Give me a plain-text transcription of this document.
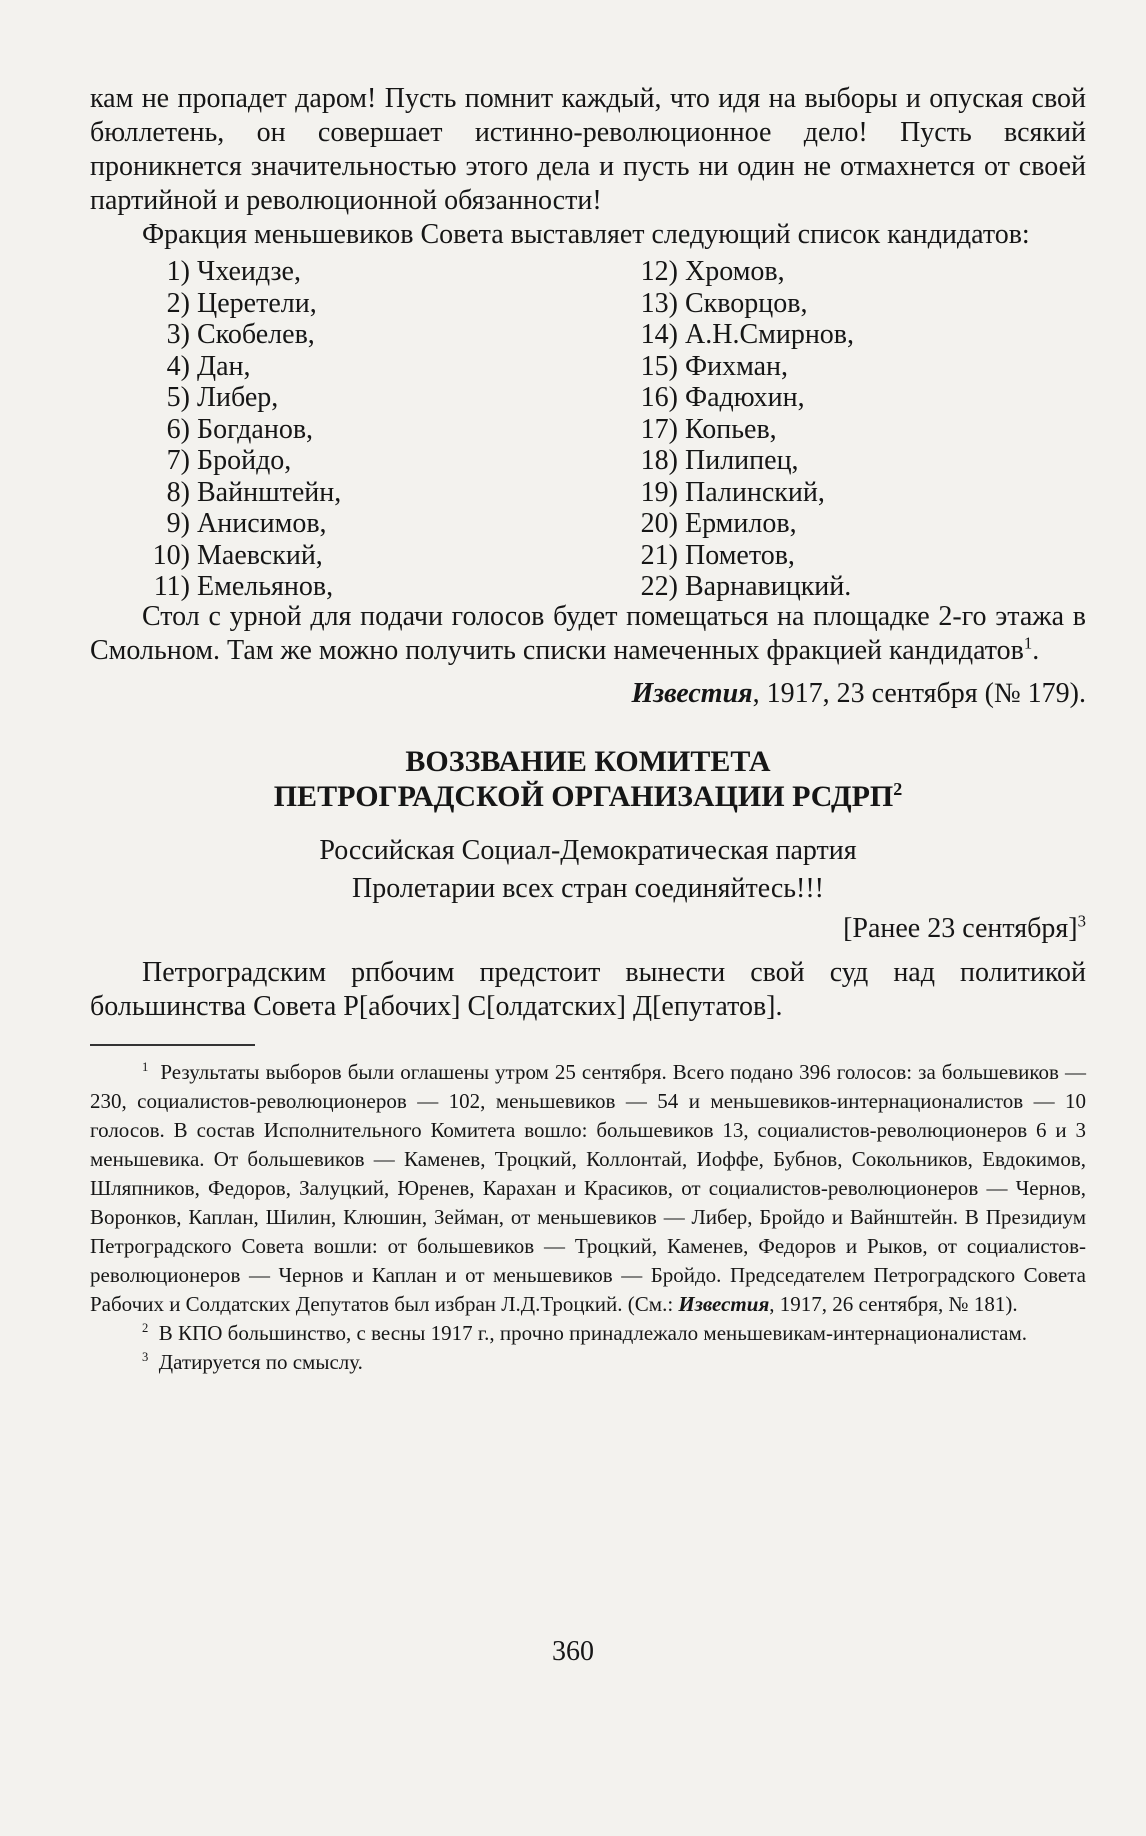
кам не пропадет даром! Пусть помнит каждый, что идя на выборы и опуская свой бюллетень, он совершает истинно-революционное дело! Пусть всякий проникнется значительностью этого дела и пусть ни один не отмахнется от своей партийной и революционной обязанности!

Фракция меньшевиков Совета выставляет следующий список кандидатов:

1) Чхеидзе,
2) Церетели,
3) Скобелев,
4) Дан,
5) Либер,
6) Богданов,
7) Бройдо,
8) Вайнштейн,
9) Анисимов,
10) Маевский,
11) Емельянов,
12) Хромов,
13) Скворцов,
14) А.Н.Смирнов,
15) Фихман,
16) Фадюхин,
17) Копьев,
18) Пилипец,
19) Палинский,
20) Ермилов,
21) Пометов,
22) Варнавицкий.

Стол с урной для подачи голосов будет помещаться на площадке 2-го этажа в Смольном. Там же можно получить списки намеченных фракцией кандидатов$^1$.

Известия, 1917, 23 сентября (№ 179).

ВОЗЗВАНИЕ КОМИТЕТА
ПЕТРОГРАДСКОЙ ОРГАНИЗАЦИИ РСДРП$^2$

Российская Социал-Демократическая партия

Пролетарии всех стран соединяйтесь!!!

[Ранее 23 сентября]$^3$

Петроградским рпбочим предстоит вынести свой суд над политикой большинства Совета Р[абочих] С[олдатских] Д[епутатов].

$^1$ Результаты выборов были оглашены утром 25 сентября. Всего подано 396 голосов: за большевиков — 230, социалистов-революционеров — 102, меньшевиков — 54 и меньшевиков-интернационалистов — 10 голосов. В состав Исполнительного Комитета вошло: большевиков 13, социалистов-революционеров 6 и 3 меньшевика. От большевиков — Каменев, Троцкий, Коллонтай, Иоффе, Бубнов, Сокольников, Евдокимов, Шляпников, Федоров, Залуцкий, Юренев, Карахан и Красиков, от социалистов-революционеров — Чернов, Воронков, Каплан, Шилин, Клюшин, Зейман, от меньшевиков — Либер, Бройдо и Вайнштейн. В Президиум Петроградского Совета вошли: от большевиков — Троцкий, Каменев, Федоров и Рыков, от социалистов-революционеров — Чернов и Каплан и от меньшевиков — Бройдо. Председателем Петроградского Совета Рабочих и Солдатских Депутатов был избран Л.Д.Троцкий. (См.: Известия, 1917, 26 сентября, № 181).

$^2$ В КПО большинство, с весны 1917 г., прочно принадлежало меньшевикам-интернационалистам.

$^3$ Датируется по смыслу.

360
